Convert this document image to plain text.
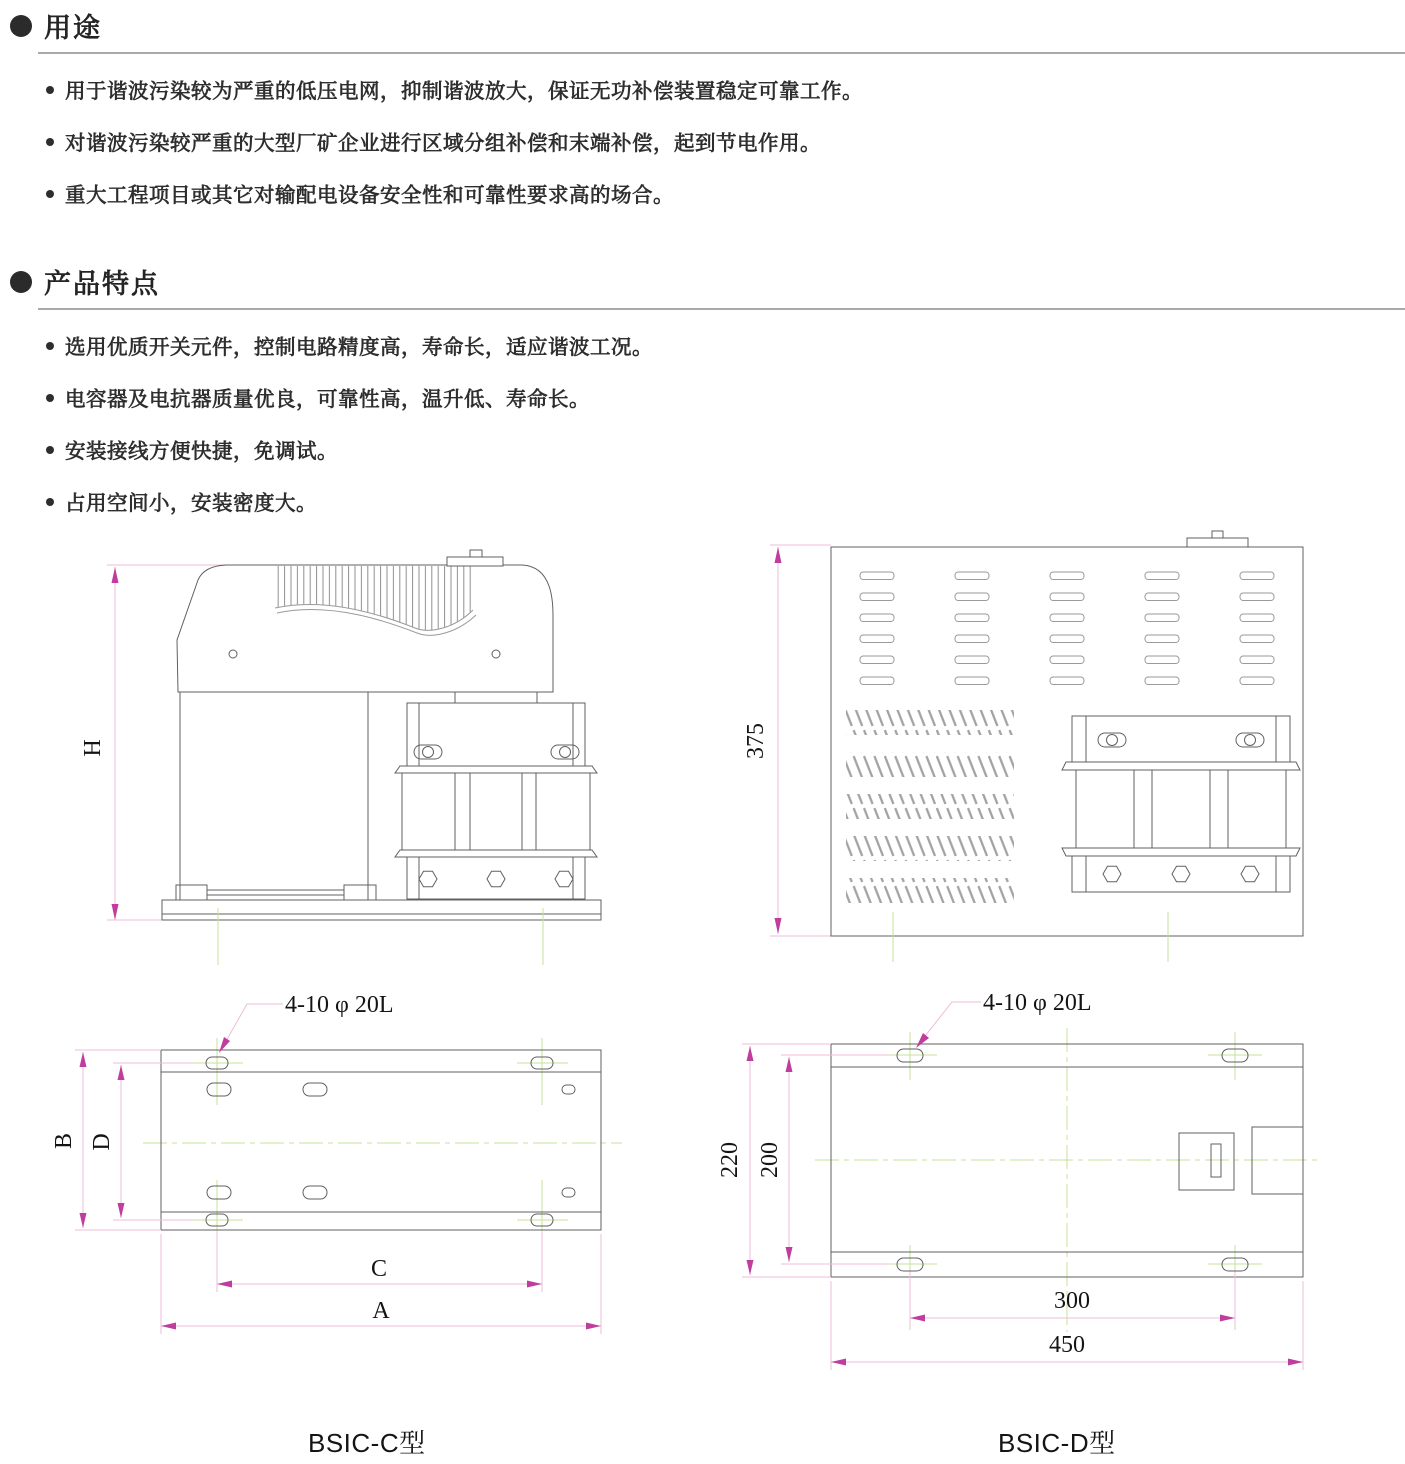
用途
用于谐波污染较为严重的低压电网，抑制谐波放大，保证无功补偿装置稳定可靠工作。
对谐波污染较严重的大型厂矿企业进行区域分组补偿和末端补偿，起到节电作用。
重大工程项目或其它对输配电设备安全性和可靠性要求高的场合。
产品特点
选用优质开关元件，控制电路精度高，寿命长，适应谐波工况。
电容器及电抗器质量优良，可靠性高，温升低、寿命长。
安装接线方便快捷，免调试。
占用空间小，安装密度大。
H	375
4-10 φ 20L
B D
C
A
4-10 φ 20L
220 200
300
450
BSIC-C型	BSIC-D型
